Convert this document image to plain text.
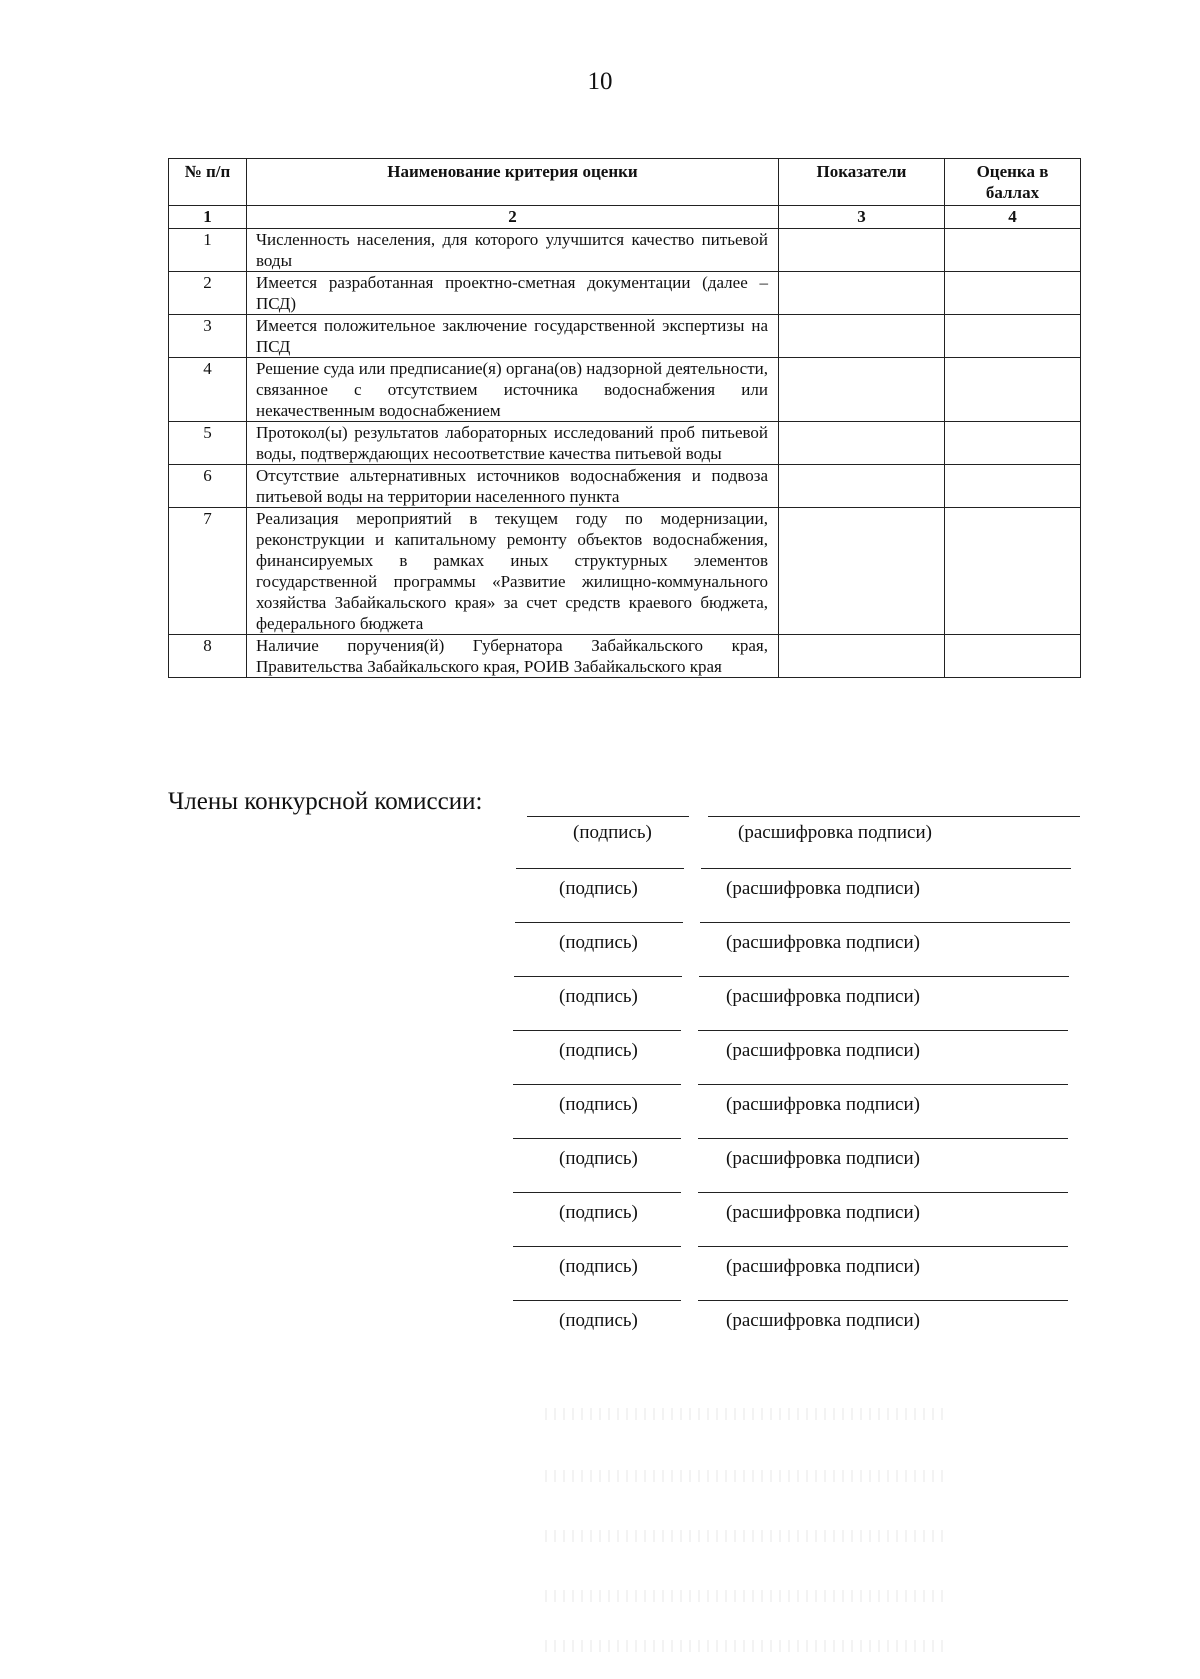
10
№ п/п	Наименование критерия оценки	Показатели	Оценка в баллах
1	2	3	4
1	Численность населения, для которого улучшится качество питьевой воды		
2	Имеется разработанная проектно-сметная документации (далее – ПСД)		
3	Имеется положительное заключение государственной экспертизы на ПСД		
4	Решение суда или предписание(я) органа(ов) надзорной деятельности, связанное с отсутствием источника водоснабжения или некачественным водоснабжением		
5	Протокол(ы) результатов лабораторных исследований проб питьевой воды, подтверждающих несоответствие качества питьевой воды		
6	Отсутствие альтернативных источников водоснабжения и подвоза питьевой воды на территории населенного пункта		
7	Реализация мероприятий в текущем году по модернизации, реконструкции и капитальному ремонту объектов водоснабжения, финансируемых в рамках иных структурных элементов государственной программы «Развитие жилищно-коммунального хозяйства Забайкальского края» за счет средств краевого бюджета, федерального бюджета		
8	Наличие поручения(й) Губернатора Забайкальского края, Правительства Забайкальского края, РОИВ Забайкальского края		
Члены конкурсной комиссии:
(подпись)	(расшифровка подписи)
(подпись)	(расшифровка подписи)
(подпись)	(расшифровка подписи)
(подпись)	(расшифровка подписи)
(подпись)	(расшифровка подписи)
(подпись)	(расшифровка подписи)
(подпись)	(расшифровка подписи)
(подпись)	(расшифровка подписи)
(подпись)	(расшифровка подписи)
(подпись)	(расшифровка подписи)
